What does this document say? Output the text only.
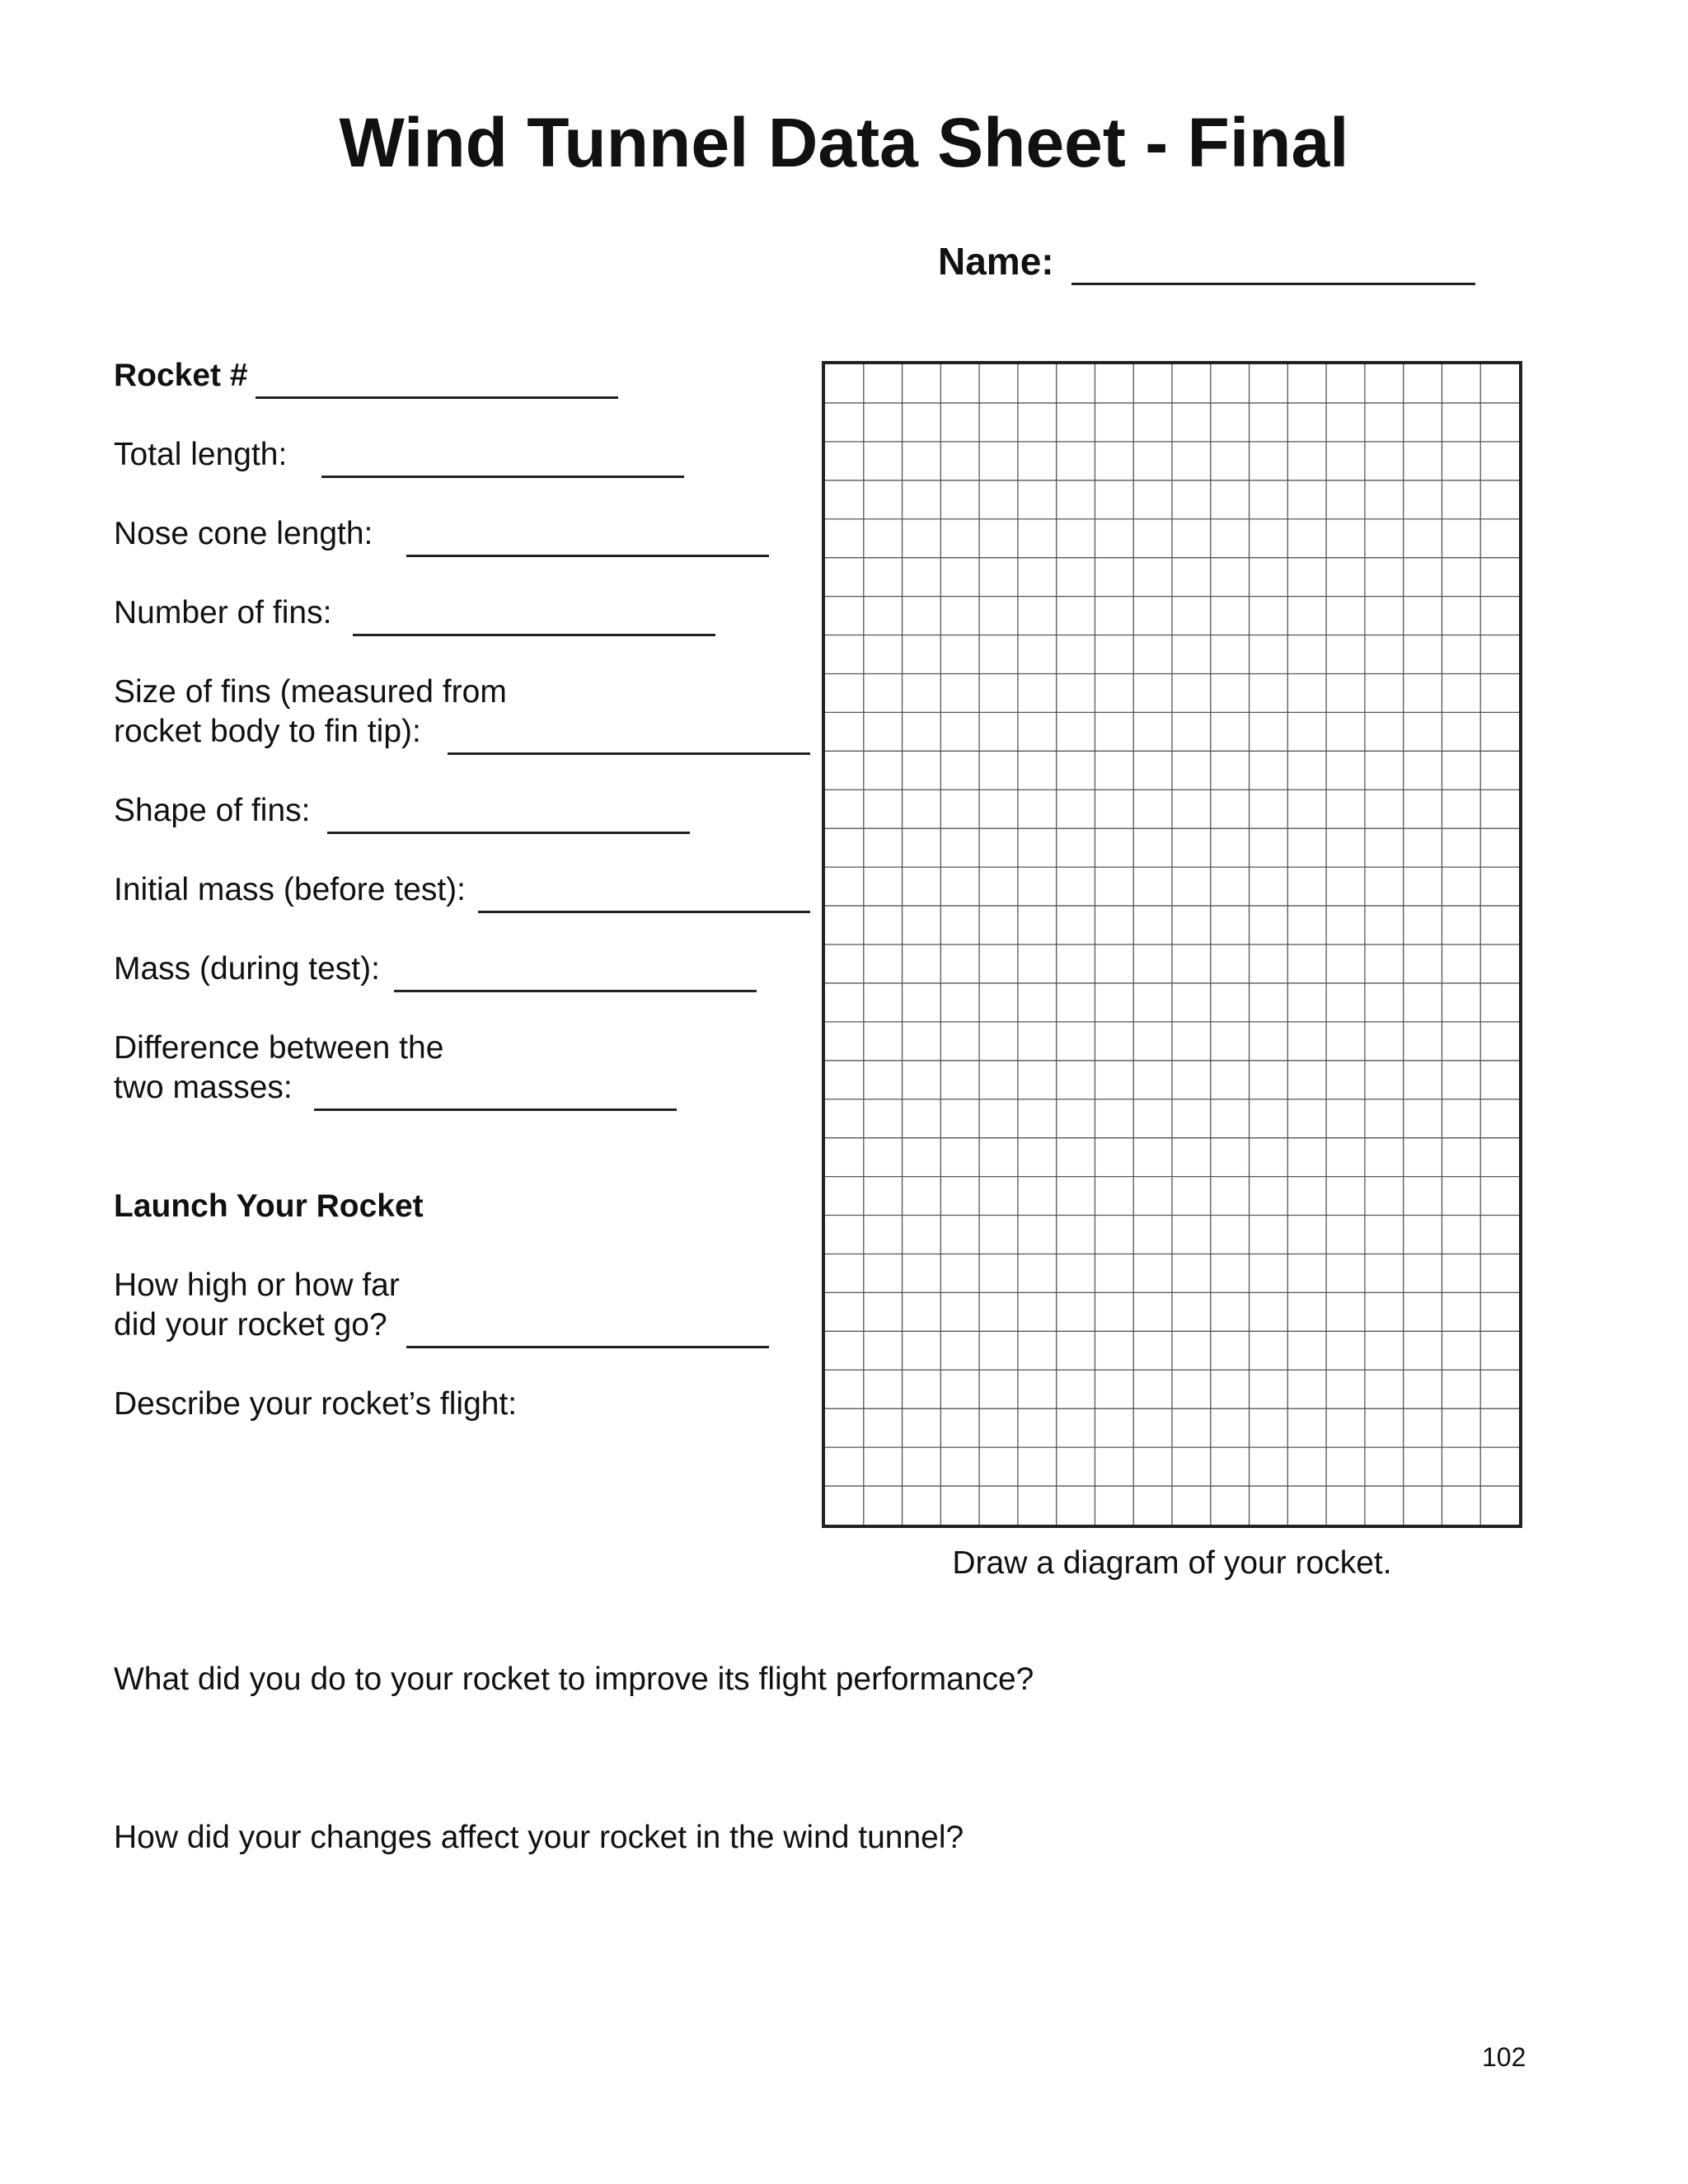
Wind Tunnel Data Sheet - Final
Name:
Rocket #
Total length:
Nose cone length:
Number of fins:
Size of fins (measured from
rocket body to fin tip):
Shape of fins:
Initial mass (before test):
Mass (during test):
Difference between the
two masses:
Launch Your Rocket
How high or how far
did your rocket go?
Describe your rocket’s flight:
Draw a diagram of your rocket.
What did you do to your rocket to improve its flight performance?
How did your changes affect your rocket in the wind tunnel?
102
